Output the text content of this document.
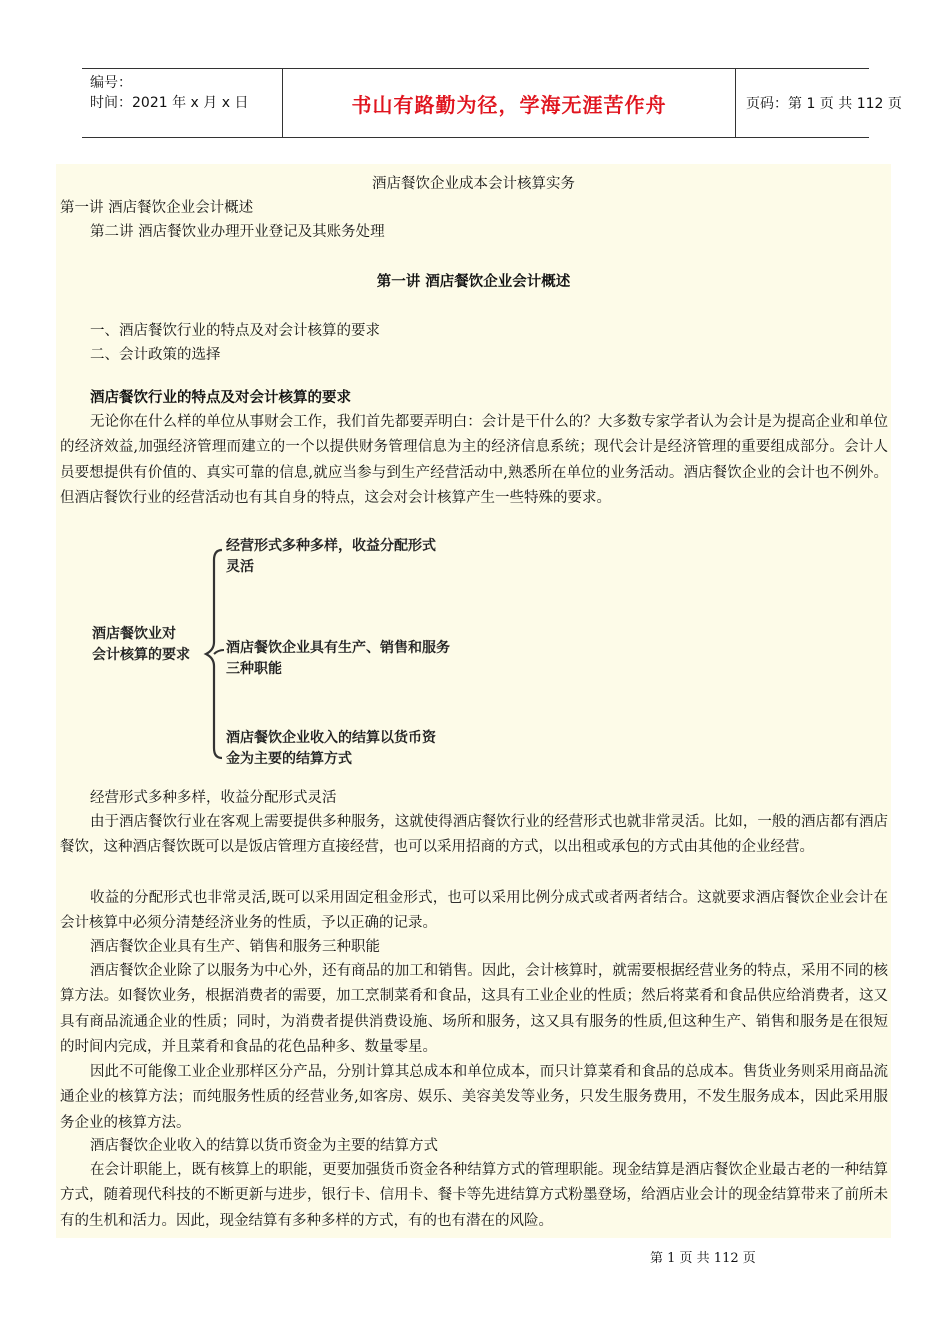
编号：
时间：2021 年 x 月 x 日	书山有路勤为径，学海无涯苦作舟	页码：第 1 页 共 112 页
酒店餐饮企业成本会计核算实务
第一讲 酒店餐饮企业会计概述
第二讲 酒店餐饮业办理开业登记及其账务处理
第一讲 酒店餐饮企业会计概述
一、酒店餐饮行业的特点及对会计核算的要求
二、会计政策的选择
酒店餐饮行业的特点及对会计核算的要求

无论你在什么样的单位从事财会工作，我们首先都要弄明白：会计是干什么的？大多数专家学者认为会计是为提高企业和单位的经济效益,加强经济管理而建立的一个以提供财务管理信息为主的经济信息系统；现代会计是经济管理的重要组成部分。会计人员要想提供有价值的、真实可靠的信息,就应当参与到生产经营活动中,熟悉所在单位的业务活动。酒店餐饮企业的会计也不例外。但酒店餐饮行业的经营活动也有其自身的特点，这会对会计核算产生一些特殊的要求。

酒店餐饮业对
会计核算的要求
经营形式多种多样，收益分配形式
灵活
酒店餐饮企业具有生产、销售和服务
三种职能
酒店餐饮企业收入的结算以货币资
金为主要的结算方式
经营形式多种多样，收益分配形式灵活

由于酒店餐饮行业在客观上需要提供多种服务，这就使得酒店餐饮行业的经营形式也就非常灵活。比如，一般的酒店都有酒店餐饮，这种酒店餐饮既可以是饭店管理方直接经营，也可以采用招商的方式，以出租或承包的方式由其他的企业经营。

收益的分配形式也非常灵活,既可以采用固定租金形式，也可以采用比例分成式或者两者结合。这就要求酒店餐饮企业会计在会计核算中必须分清楚经济业务的性质，予以正确的记录。

酒店餐饮企业具有生产、销售和服务三种职能

酒店餐饮企业除了以服务为中心外，还有商品的加工和销售。因此，会计核算时，就需要根据经营业务的特点，采用不同的核算方法。如餐饮业务，根据消费者的需要，加工烹制菜肴和食品，这具有工业企业的性质；然后将菜肴和食品供应给消费者，这又具有商品流通企业的性质；同时，为消费者提供消费设施、场所和服务，这又具有服务的性质,但这种生产、销售和服务是在很短的时间内完成，并且菜肴和食品的花色品种多、数量零星。

因此不可能像工业企业那样区分产品，分别计算其总成本和单位成本，而只计算菜肴和食品的总成本。售货业务则采用商品流通企业的核算方法；而纯服务性质的经营业务,如客房、娱乐、美容美发等业务，只发生服务费用，不发生服务成本，因此采用服务企业的核算方法。

酒店餐饮企业收入的结算以货币资金为主要的结算方式

在会计职能上，既有核算上的职能，更要加强货币资金各种结算方式的管理职能。现金结算是酒店餐饮企业最古老的一种结算方式，随着现代科技的不断更新与进步，银行卡、信用卡、餐卡等先进结算方式粉墨登场，给酒店业会计的现金结算带来了前所未有的生机和活力。因此，现金结算有多种多样的方式，有的也有潜在的风险。

第 1 页 共 112 页
